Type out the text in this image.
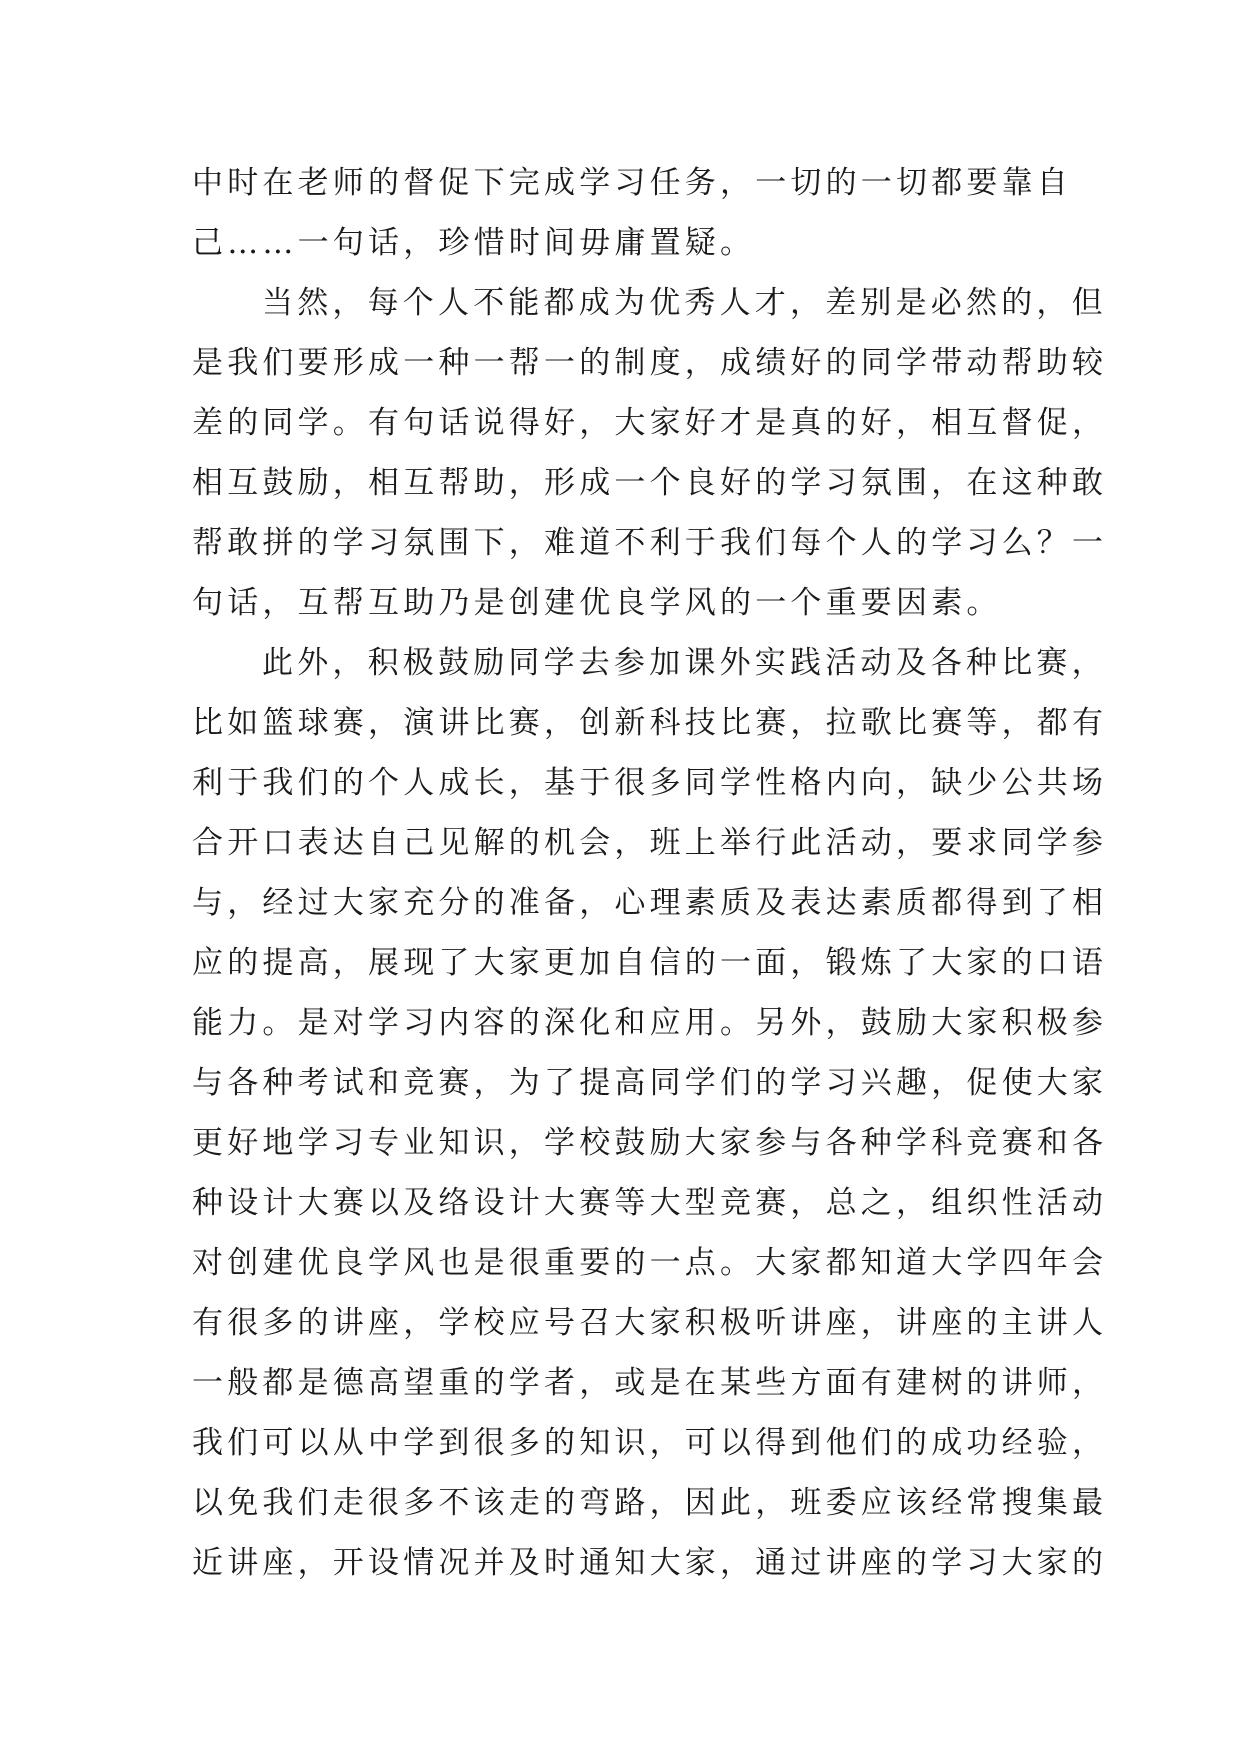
中时在老师的督促下完成学习任务，一切的一切都要靠自
己……一句话，珍惜时间毋庸置疑。
当然，每个人不能都成为优秀人才，差别是必然的，但
是我们要形成一种一帮一的制度，成绩好的同学带动帮助较
差的同学。有句话说得好，大家好才是真的好，相互督促，
相互鼓励，相互帮助，形成一个良好的学习氛围，在这种敢
帮敢拼的学习氛围下，难道不利于我们每个人的学习么？一
句话，互帮互助乃是创建优良学风的一个重要因素。
此外，积极鼓励同学去参加课外实践活动及各种比赛，
比如篮球赛，演讲比赛，创新科技比赛，拉歌比赛等，都有
利于我们的个人成长，基于很多同学性格内向，缺少公共场
合开口表达自己见解的机会，班上举行此活动，要求同学参
与，经过大家充分的准备，心理素质及表达素质都得到了相
应的提高，展现了大家更加自信的一面，锻炼了大家的口语
能力。是对学习内容的深化和应用。另外，鼓励大家积极参
与各种考试和竞赛，为了提高同学们的学习兴趣，促使大家
更好地学习专业知识，学校鼓励大家参与各种学科竞赛和各
种设计大赛以及络设计大赛等大型竞赛，总之，组织性活动
对创建优良学风也是很重要的一点。大家都知道大学四年会
有很多的讲座，学校应号召大家积极听讲座，讲座的主讲人
一般都是德高望重的学者，或是在某些方面有建树的讲师，
我们可以从中学到很多的知识，可以得到他们的成功经验，
以免我们走很多不该走的弯路，因此，班委应该经常搜集最
近讲座，开设情况并及时通知大家，通过讲座的学习大家的
